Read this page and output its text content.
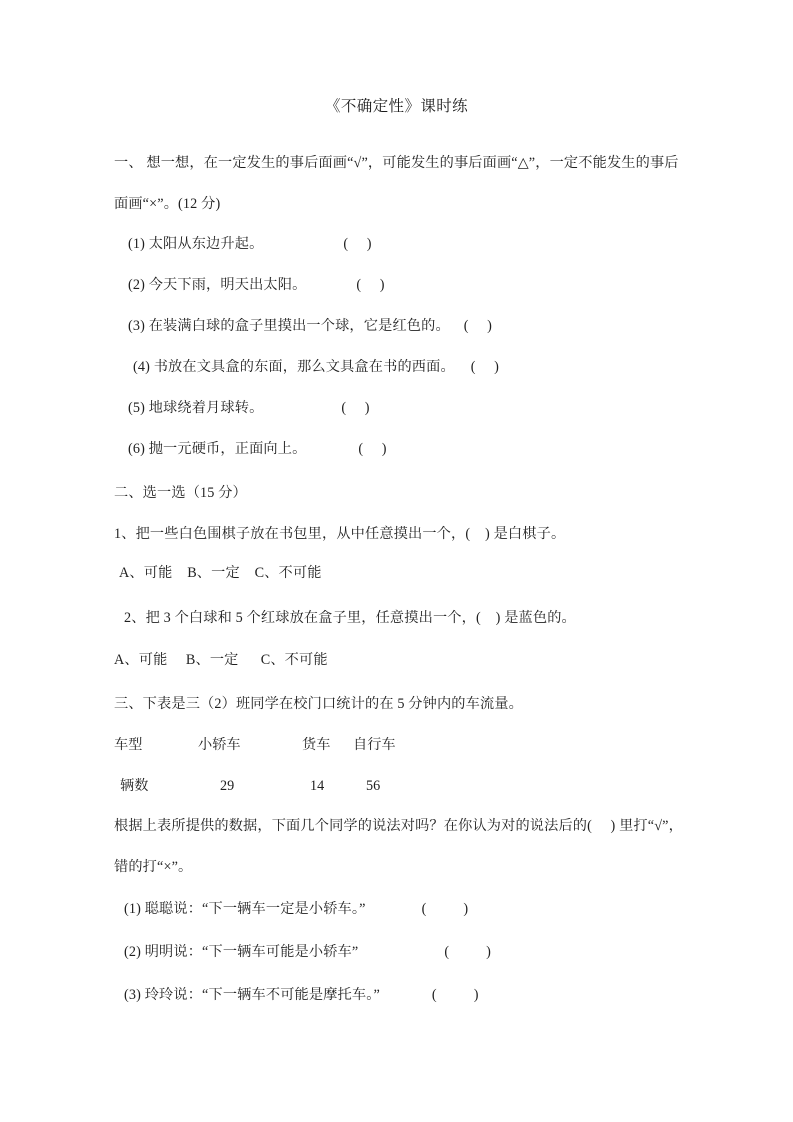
《不确定性》课时练
一、 想一想，在一定发生的事后面画“√”，可能发生的事后面画“△”，一定不能发生的事后
面画“×”。(12 分)
(1) 太阳从东边升起。	(     )
(2) 今天下雨，明天出太阳。	(     )
(3) 在装满白球的盒子里摸出一个球，它是红色的。 (     )
(4) 书放在文具盒的东面，那么文具盒在书的西面。 (     )
(5) 地球绕着月球转。	(     )
(6) 抛一元硬币，正面向上。	(     )
二、选一选（15 分）
1、把一些白色围棋子放在书包里，从中任意摸出一个，(    ) 是白棋子。
A、可能    B、一定    C、不可能
2、把 3 个白球和 5 个红球放在盒子里，任意摸出一个，(    ) 是蓝色的。
A、可能     B、一定      C、不可能
三、下表是三（2）班同学在校门口统计的在 5 分钟内的车流量。
车型	小轿车	货车 自行车
辆数	29	14	56
根据上表所提供的数据，下面几个同学的说法对吗？在你认为对的说法后的(     ) 里打“√”，
错的打“×”。
(1) 聪聪说：“下一辆车一定是小轿车。”	(          )
(2) 明明说：“下一辆车可能是小轿车”	(          )
(3) 玲玲说：“下一辆车不可能是摩托车。”	(          )
